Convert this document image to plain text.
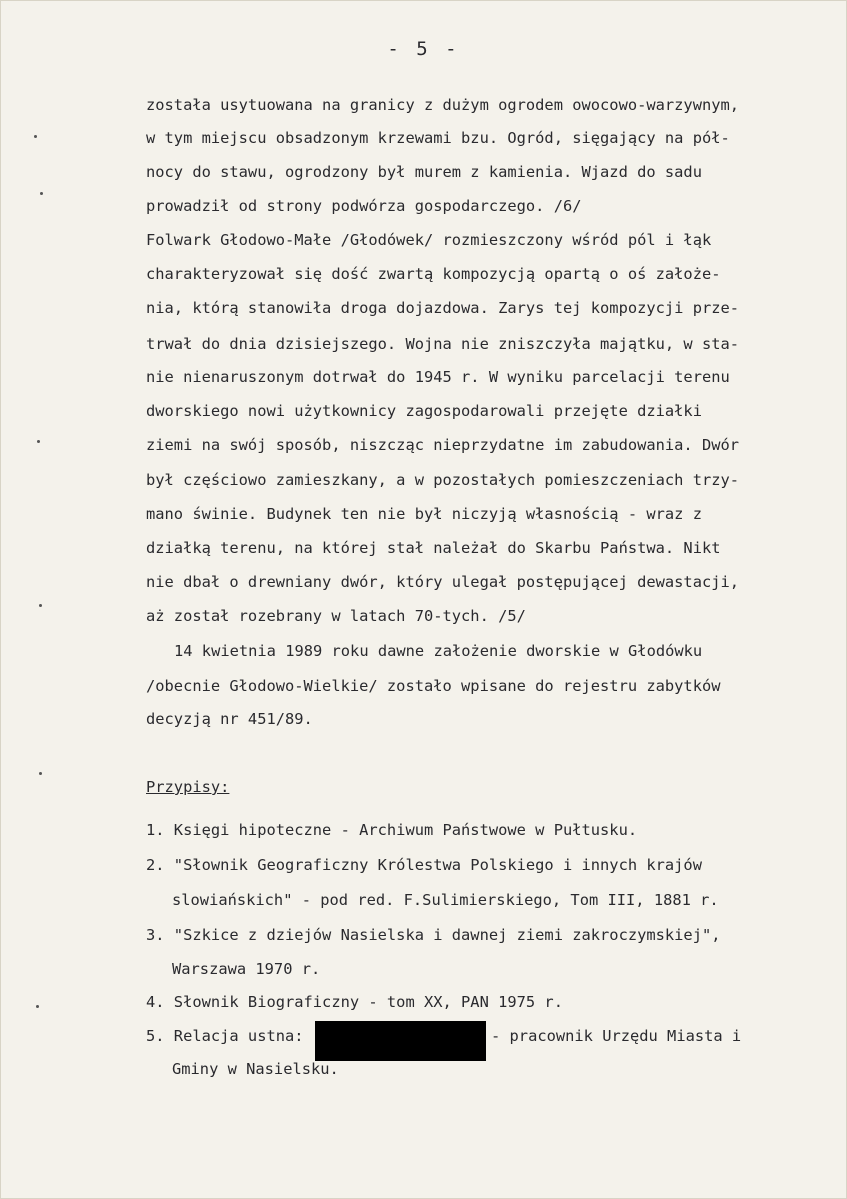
- 5 -
została usytuowana na granicy z dużym ogrodem owocowo-warzywnym,
w tym miejscu obsadzonym krzewami bzu. Ogród, sięgający na pół-
nocy do stawu, ogrodzony był murem z kamienia. Wjazd do sadu
prowadził od strony podwórza gospodarczego. /6/
Folwark Głodowo-Małe /Głodówek/ rozmieszczony wśród pól i łąk
charakteryzował się dość zwartą kompozycją opartą o oś założe-
nia, którą stanowiła droga dojazdowa. Zarys tej kompozycji prze-
trwał do dnia dzisiejszego. Wojna nie zniszczyła majątku, w sta-
nie nienaruszonym dotrwał do 1945 r. W wyniku parcelacji terenu
dworskiego nowi użytkownicy zagospodarowali przejęte działki
ziemi na swój sposób, niszcząc nieprzydatne im zabudowania. Dwór
był częściowo zamieszkany, a w pozostałych pomieszczeniach trzy-
mano świnie. Budynek ten nie był niczyją własnością - wraz z
działką terenu, na której stał należał do Skarbu Państwa. Nikt
nie dbał o drewniany dwór, który ulegał postępującej dewastacji,
aż został rozebrany w latach 70-tych. /5/
14 kwietnia 1989 roku dawne założenie dworskie w Głodówku
/obecnie Głodowo-Wielkie/ zostało wpisane do rejestru zabytków
decyzją nr 451/89.
Przypisy:
1. Księgi hipoteczne - Archiwum Państwowe w Pułtusku.
2. "Słownik Geograficzny Królestwa Polskiego i innych krajów
slowiańskich" - pod red. F.Sulimierskiego, Tom III, 1881 r.
3. "Szkice z dziejów Nasielska i dawnej ziemi zakroczymskiej",
Warszawa 1970 r.
4. Słownik Biograficzny - tom XX, PAN 1975 r.
5. Relacja ustna:	- pracownik Urzędu Miasta i
Gminy w Nasielsku.
